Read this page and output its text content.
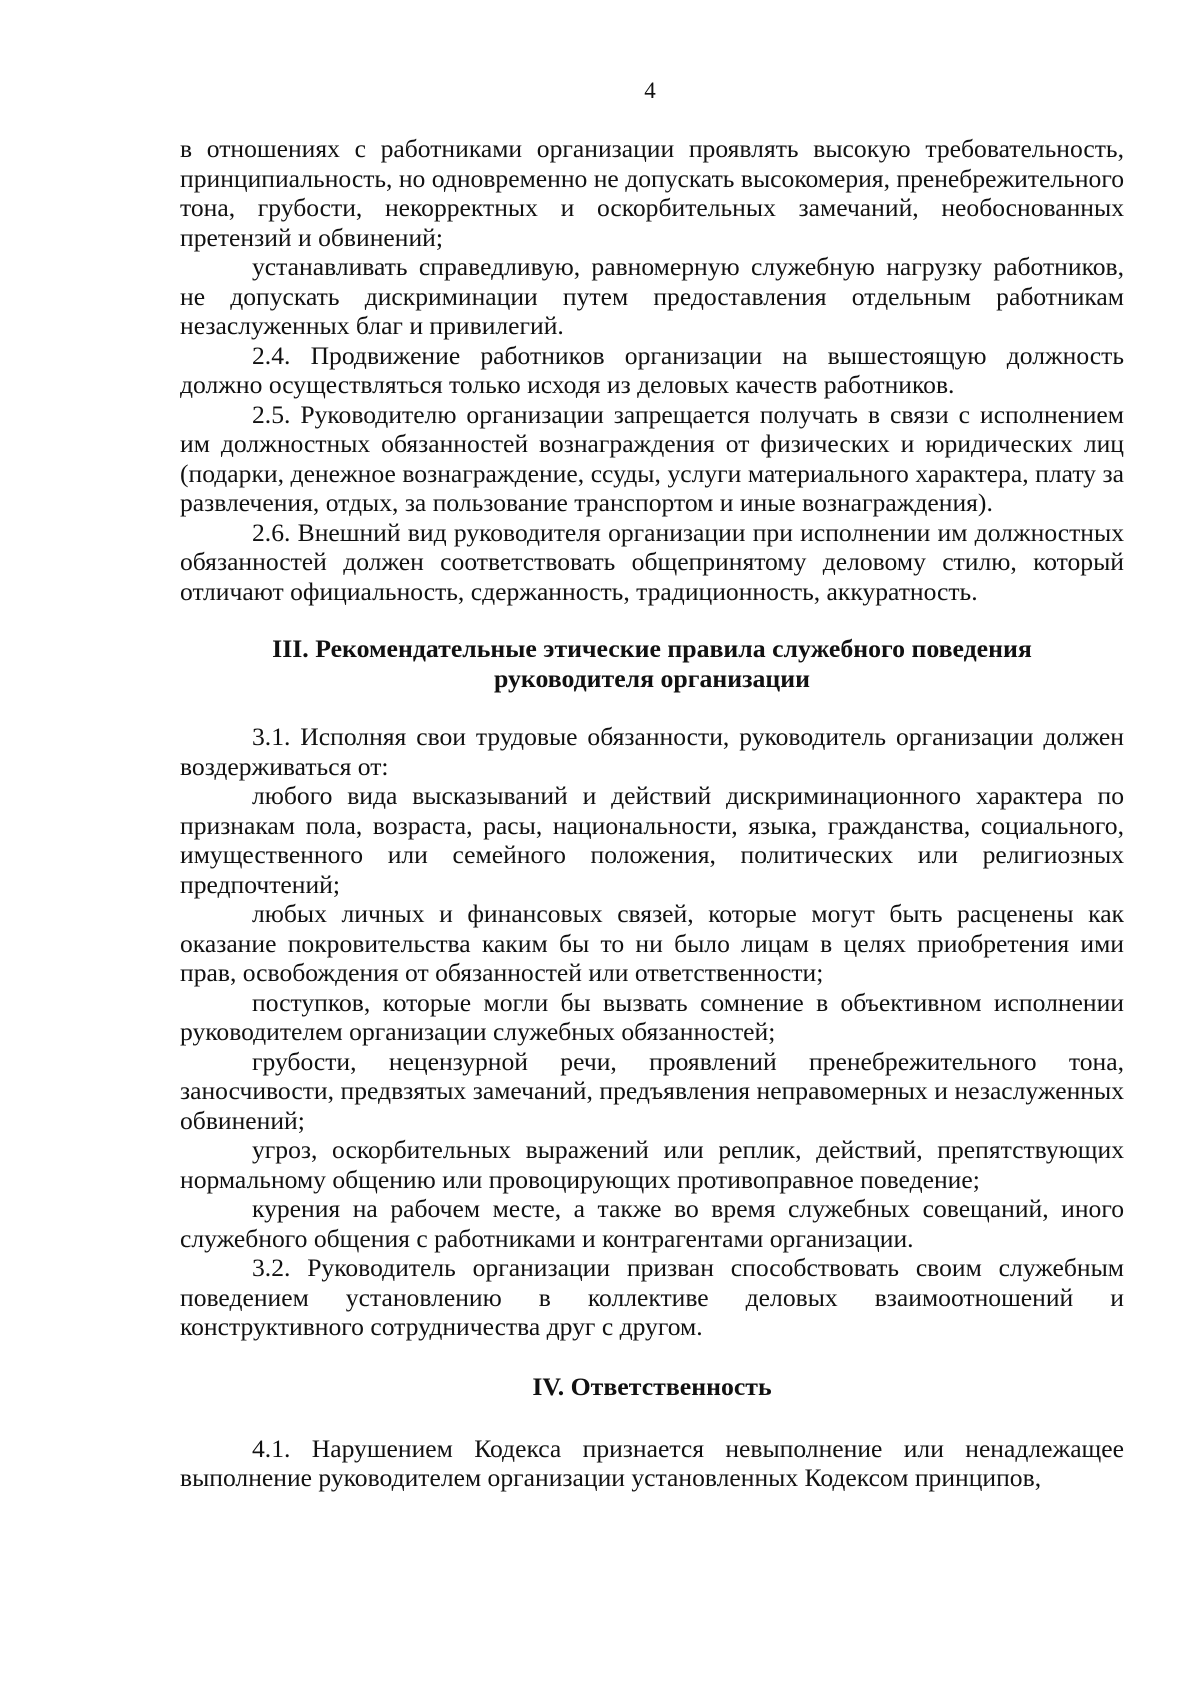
4

в отношениях с работниками организации проявлять высокую требовательность, принципиальность, но одновременно не допускать высокомерия, пренебрежительного тона, грубости, некорректных и оскорбительных замечаний, необоснованных претензий и обвинений;

устанавливать справедливую, равномерную служебную нагрузку работников, не допускать дискриминации путем предоставления отдельным работникам незаслуженных благ и привилегий.

2.4. Продвижение работников организации на вышестоящую должность должно осуществляться только исходя из деловых качеств работников.

2.5. Руководителю организации запрещается получать в связи с исполнением им должностных обязанностей вознаграждения от физических и юридических лиц (подарки, денежное вознаграждение, ссуды, услуги материального характера, плату за развлечения, отдых, за пользование транспортом и иные вознаграждения).

2.6. Внешний вид руководителя организации при исполнении им должностных обязанностей должен соответствовать общепринятому деловому стилю, который отличают официальность, сдержанность, традиционность, аккуратность.

III. Рекомендательные этические правила служебного поведения
руководителя организации

3.1. Исполняя свои трудовые обязанности, руководитель организации должен воздерживаться от:

любого вида высказываний и действий дискриминационного характера по признакам пола, возраста, расы, национальности, языка, гражданства, социального, имущественного или семейного положения, политических или религиозных предпочтений;

любых личных и финансовых связей, которые могут быть расценены как оказание покровительства каким бы то ни было лицам в целях приобретения ими прав, освобождения от обязанностей или ответственности;

поступков, которые могли бы вызвать сомнение в объективном исполнении руководителем организации служебных обязанностей;

грубости, нецензурной речи, проявлений пренебрежительного тона, заносчивости, предвзятых замечаний, предъявления неправомерных и незаслуженных обвинений;

угроз, оскорбительных выражений или реплик, действий, препятствующих нормальному общению или провоцирующих противоправное поведение;

курения на рабочем месте, а также во время служебных совещаний, иного служебного общения с работниками и контрагентами организации.

3.2. Руководитель организации призван способствовать своим служебным поведением установлению в коллективе деловых взаимоотношений и конструктивного сотрудничества друг с другом.

IV. Ответственность

4.1. Нарушением Кодекса признается невыполнение или ненадлежащее выполнение руководителем организации установленных Кодексом принципов,
